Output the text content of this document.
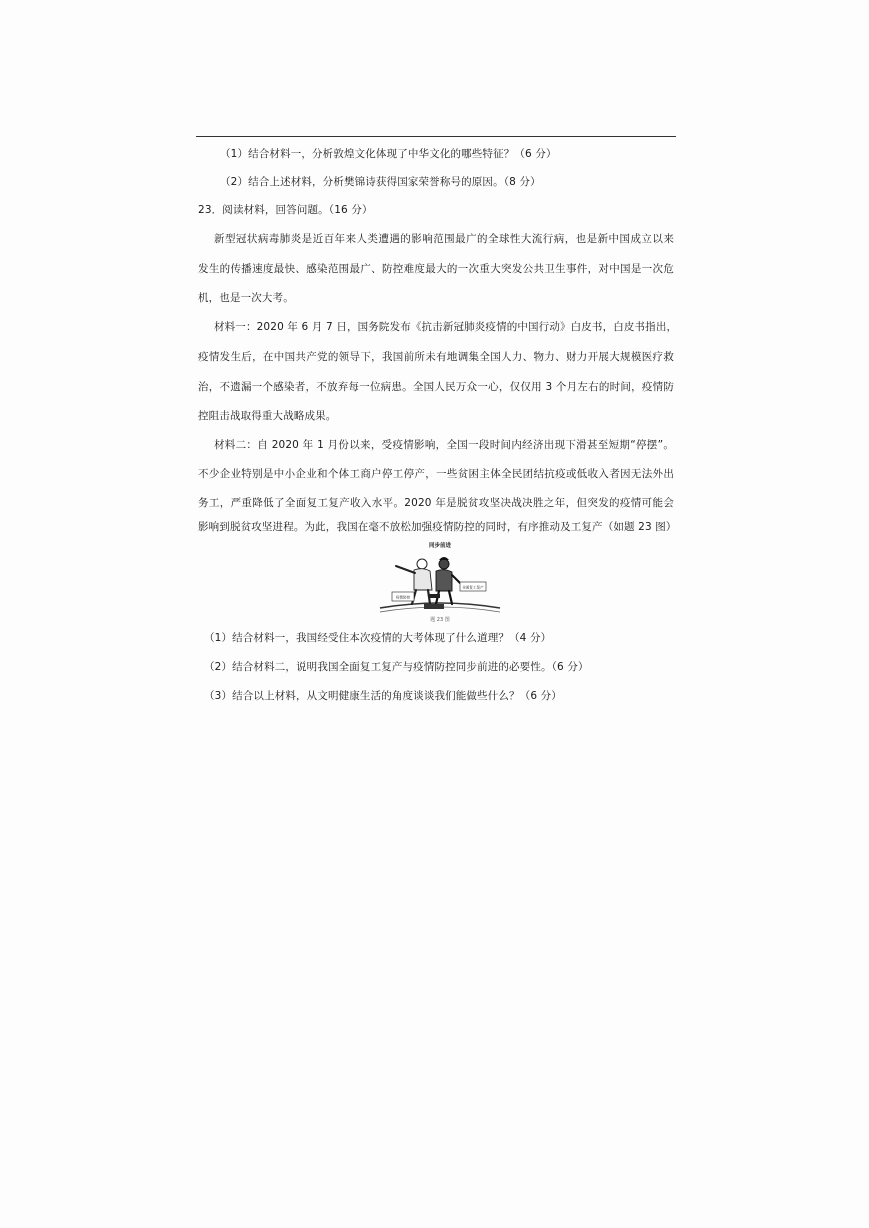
（1）结合材料一，分析敦煌文化体现了中华文化的哪些特征？（6 分）
（2）结合上述材料，分析樊锦诗获得国家荣誉称号的原因。（8 分）
23．阅读材料，回答问题。（16 分）
新型冠状病毒肺炎是近百年来人类遭遇的影响范围最广的全球性大流行病，也是新中国成立以来
发生的传播速度最快、感染范围最广、防控难度最大的一次重大突发公共卫生事件，对中国是一次危
机，也是一次大考。
材料一：2020 年 6 月 7 日，国务院发布《抗击新冠肺炎疫情的中国行动》白皮书，白皮书指出，
疫情发生后，在中国共产党的领导下，我国前所未有地调集全国人力、物力、财力开展大规模医疗救
治，不遗漏一个感染者，不放弃每一位病患。全国人民万众一心，仅仅用 3 个月左右的时间，疫情防
控阻击战取得重大战略成果。
材料二：自 2020 年 1 月份以来，受疫情影响，全国一段时间内经济出现下滑甚至短期“停摆”。
不少企业特别是中小企业和个体工商户停工停产，一些贫困主体全民团结抗疫或低收入者因无法外出
务工，严重降低了全面复工复产收入水平。2020 年是脱贫攻坚决战决胜之年，但突发的疫情可能会
影响到脱贫攻坚进程。为此，我国在毫不放松加强疫情防控的同时，有序推动及工复产（如题 23 图）
同步前进
疫情防控
全面复工复产
题 23 图
（1）结合材料一，我国经受住本次疫情的大考体现了什么道理？（4 分）
（2）结合材料二，说明我国全面复工复产与疫情防控同步前进的必要性。（6 分）
（3）结合以上材料，从文明健康生活的角度谈谈我们能做些什么？（6 分）
